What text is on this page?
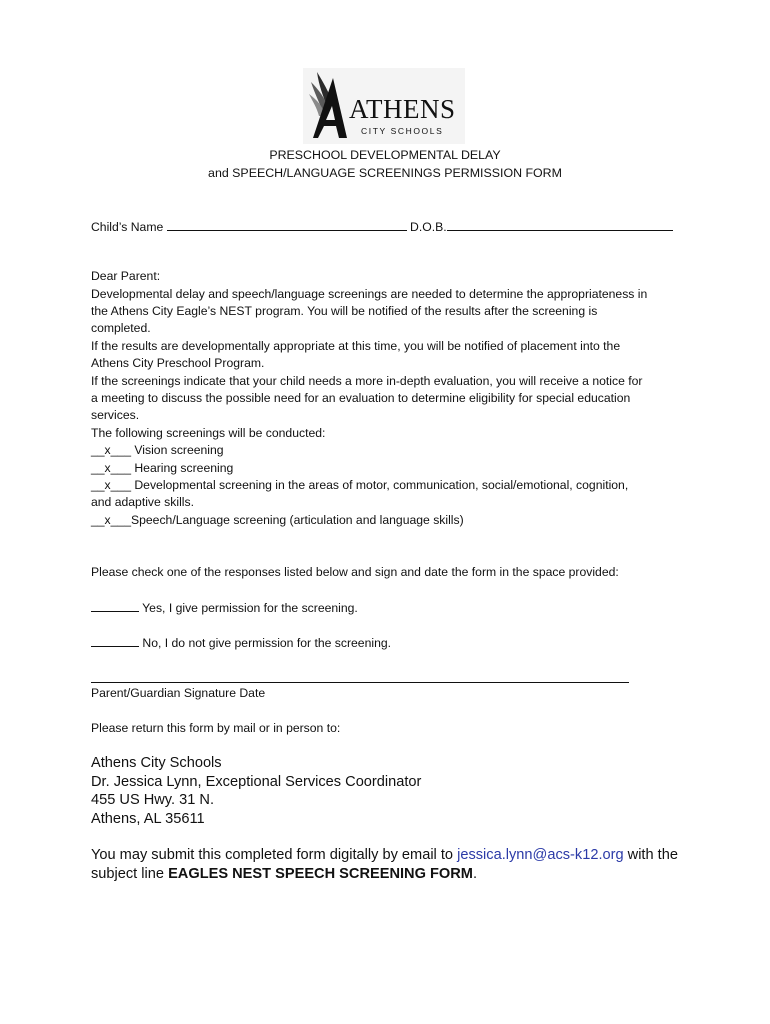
ATHENS
CITY SCHOOLS
PRESCHOOL DEVELOPMENTAL DELAY
and SPEECH/LANGUAGE SCREENINGS PERMISSION FORM
Child’s Name	D.O.B.
Dear Parent:
Developmental delay and speech/language screenings are needed to determine the appropriateness in
the Athens City Eagle’s NEST program. You will be notified of the results after the screening is
completed.
If the results are developmentally appropriate at this time, you will be notified of placement into the
Athens City Preschool Program.
If the screenings indicate that your child needs a more in-depth evaluation, you will receive a notice for
a meeting to discuss the possible need for an evaluation to determine eligibility for special education
services.
The following screenings will be conducted:
__x___ Vision screening
__x___ Hearing screening
__x___ Developmental screening in the areas of motor, communication, social/emotional, cognition,
and adaptive skills.
__x___Speech/Language screening (articulation and language skills)
Please check one of the responses listed below and sign and date the form in the space provided:
Yes, I give permission for the screening.
No, I do not give permission for the screening.
Parent/Guardian Signature Date
Please return this form by mail or in person to:
Athens City Schools
Dr. Jessica Lynn, Exceptional Services Coordinator
455 US Hwy. 31 N.
Athens, AL 35611
You may submit this completed form digitally by email to jessica.lynn@acs-k12.org with the
subject line EAGLES NEST SPEECH SCREENING FORM.
